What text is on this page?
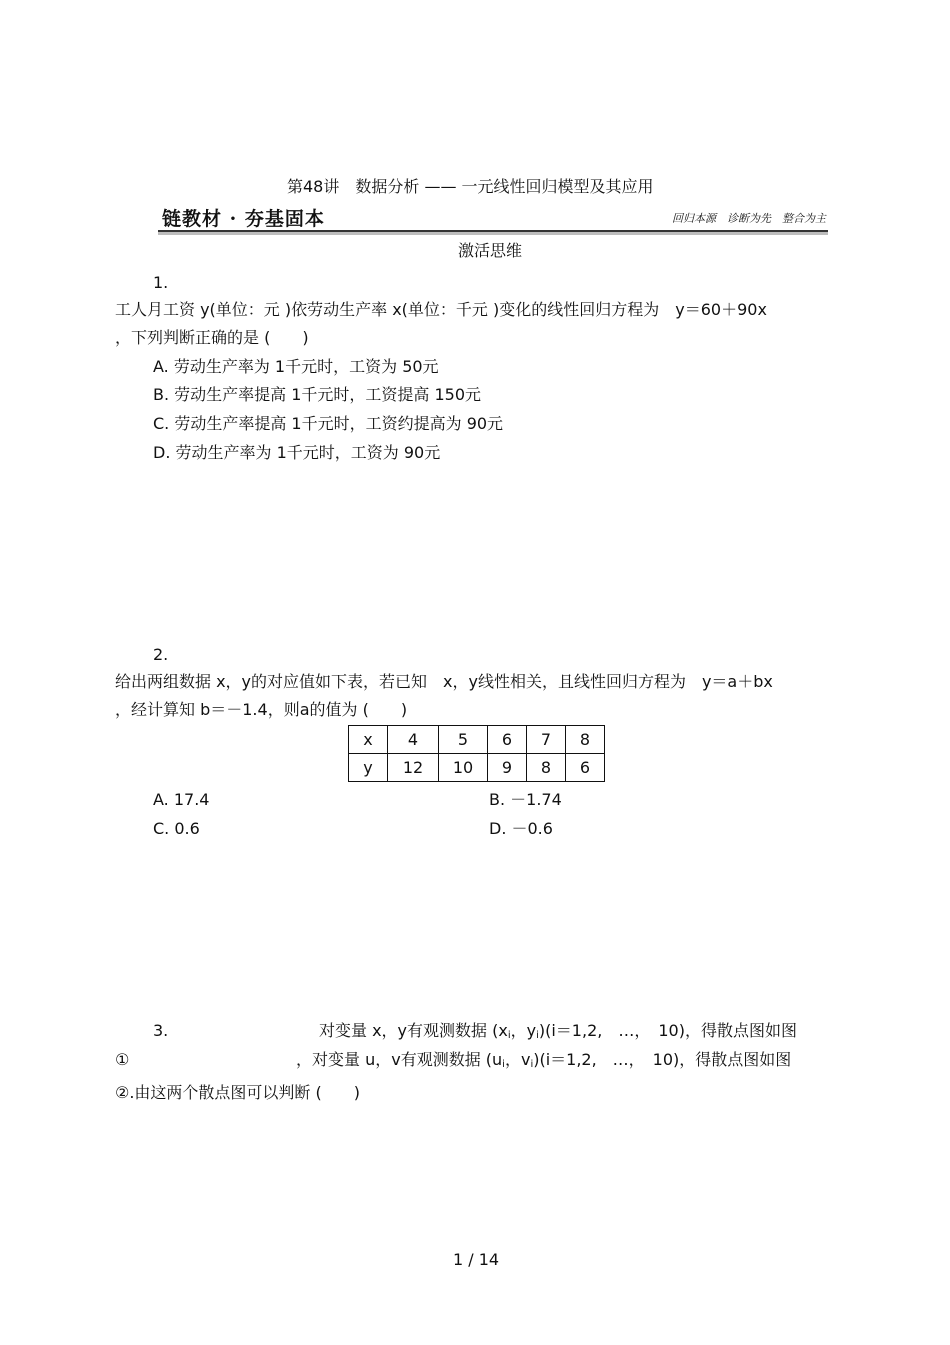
第48讲　数据分析 —— 一元线性回归模型及其应用
链教材 · 夯基固本	回归本源　诊断为先　整合为主
激活思维
1.
工人月工资 y(单位：元 )依劳动生产率 x(单位：千元 )变化的线性回归方程为　y＝60＋90x
，下列判断正确的是 (　　)
A. 劳动生产率为 1千元时，工资为 50元
B. 劳动生产率提高 1千元时，工资提高 150元
C. 劳动生产率提高 1千元时，工资约提高为 90元
D. 劳动生产率为 1千元时，工资为 90元
2.
给出两组数据 x，y的对应值如下表，若已知　x，y线性相关，且线性回归方程为　y＝a＋bx
，经计算知 b＝－1.4，则a的值为 (　　)
x	4	5	6	7	8
y	12	10	9	8	6
A. 17.4	B. －1.74
C. 0.6	D. －0.6
3.	对变量 x，y有观测数据 ($x_i$，$y_i)(i=1,2$,　…，　10)，得散点图如图
①	，对变量 u，v有观测数据 ($u_i$，$v_i)(i=1,2$,　…，　10)，得散点图如图
②.由这两个散点图可以判断 (　　)
1 / 14
